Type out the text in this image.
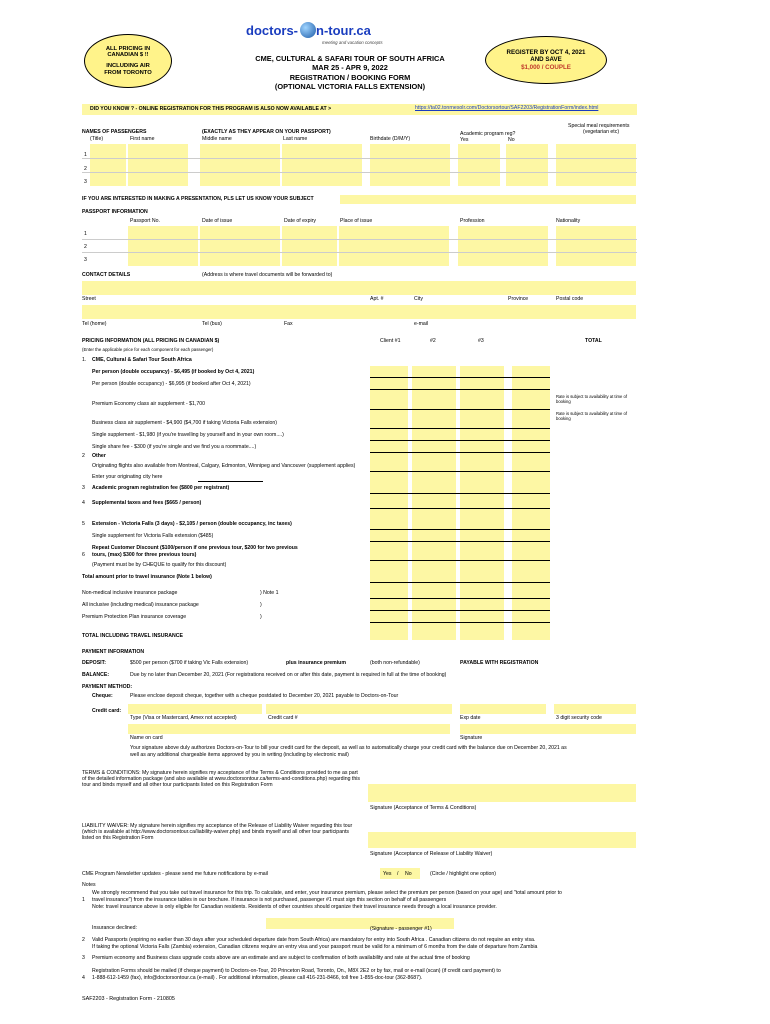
ALL PRICING IN
CANADIAN $ !!
INCLUDING AIR
FROM TORONTO
REGISTER BY OCT 4, 2021
AND SAVE
$1,000 / COUPLE
doctors- n-tour.ca
meeting and vacation concepts
CME, CULTURAL & SAFARI TOUR OF SOUTH AFRICA
MAR 25 - APR 9, 2022
REGISTRATION / BOOKING FORM
(OPTIONAL VICTORIA FALLS EXTENSION)
DID YOU KNOW ? - ONLINE REGISTRATION FOR THIS PROGRAM IS ALSO NOW AVAILABLE AT >	https://ta02.tonrnesolr.com/Doctorsortour/SAF2203/RegistrationForm/index.html
Special meal requirements
(vegetarian etc)
NAMES OF PASSENGERS	(EXACTLY AS THEY APPEAR ON YOUR PASSPORT)	Academic program reg?
(Title)	First name	Middle name	Last name	Birthdate (D/M/Y)	Yes	No
1
2
3
IF YOU ARE INTERESTED IN MAKING A PRESENTATION, PLS LET US KNOW YOUR SUBJECT
PASSPORT INFORMATION
Passport No.	Date of issue	Date of expiry	Place of issue	Profession	Nationality
1
2
3
CONTACT DETAILS	(Address is where travel documents will be forwarded to)
Street	Apt. #	City	Province	Postal code
Tel (home)	Tel (bus)	Fax	e-mail
PRICING INFORMATION (ALL PRICING IN CANADIAN $)
(Enter the applicable price for each component for each passenger)
Client #1	#2	#3	TOTAL
1. CME, Cultural & Safari Tour South Africa
Per person (double occupancy) - $6,495 (if booked by Oct 4, 2021)
Per person (double occupancy) - $6,995 (if booked after Oct 4, 2021)
Premium Economy class air supplement - $1,700
Rate is subject to availability at time of booking
Business class air supplement - $4,900 ($4,700 if taking Victoria Falls extension)
Rate is subject to availability at time of booking
Single supplement - $1,980 (if you're travelling by yourself and in your own room....)
Single share fee - $300 (if you're single and we find you a roommate....)
2 Other
Originating flights also available from Montreal, Calgary, Edmonton, Winnipeg and Vancouver (supplement applies)
Enter your originating city here
3 Academic program registration fee ($800 per registrant)
4 Supplemental taxes and fees ($665 / person)
5 Extension - Victoria Falls (3 days) - $2,105 / person (double occupancy, inc taxes)
Single supplement for Victoria Falls extension ($485)
Repeat Customer Discount ($100/person if one previous tour, $200 for two previous
6 tours, (max) $300 for three previous tours)
(Payment must be by CHEQUE to qualify for this discount)
Total amount prior to travel insurance (Note 1 below)
Non-medical inclusive insurance package	) Note 1
All inclusive (including medical) insurance package	)
Premium Protection Plan insurance coverage	)
TOTAL INCLUDING TRAVEL INSURANCE
PAYMENT INFORMATION
DEPOSIT:	$500 per person ($700 if taking Vic Falls extension)	plus insurance premium	(both non-refundable)	PAYABLE WITH REGISTRATION
BALANCE:	Due by no later than December 20, 2021 (For registrations received on or after this date, payment is required in full at the time of booking)
PAYMENT METHOD:
Cheque:	Please enclose deposit cheque, together with a cheque postdated to December 20, 2021 payable to Doctors-on-Tour
Credit card:
Type (Visa or Mastercard, Amex not accepted)	Credit card #	Exp date	3 digit security code
Name on card	Signature
Your signature above duly authorizes Doctors-on-Tour to bill your credit card for the deposit, as well as to automatically charge your credit card with the balance due on December 20, 2021 as
well as any additional chargeable items approved by you in writing (including by electronic mail)
TERMS & CONDITIONS: My signature herein signifies my acceptance of the Terms & Conditions provided to me as part of the detailed information package (and also available at www.doctorsontour.ca/terms-and-conditions.php) regarding this tour and binds myself and all other tour participants listed on this Registration Form
Signature (Acceptance of Terms & Conditions)
LIABILITY WAIVER: My signature herein signifies my acceptance of the Release of Liability Waiver regarding this tour (which is available at http://www.doctorsontour.ca/liability-waiver.php) and binds myself and all other tour participants listed on this Registration Form
Signature (Acceptance of Release of Liability Waiver)
CME Program Newsletter updates - please send me future notifications by e-mail	Yes / No	(Circle / highlight one option)
Notes
We strongly recommend that you take out travel insurance for this trip. To calculate, and enter, your insurance premium, please select the premium per person (based on your age) and "total amount prior to
1 travel insurance") from the insurance tables in our brochure. If insurance is not purchased, passenger #1 must sign this section on behalf of all passengers
Note: travel insurance above is only eligible for Canadian residents. Residents of other countries should organize their travel insurance needs through a local insurance provider.
Insurance declined:	(Signature - passenger #1)
2 Valid Passports (expiring no earlier than 30 days after your scheduled departure date from South Africa) are mandatory for entry into South Africa . Canadian citizens do not require an entry visa.
If taking the optional Victoria Falls (Zambia) extension, Canadian citizens require an entry visa and your passport must be valid for a minimum of 6 months from the date of departure from Zambia
3 Premium economy and Business class upgrade costs above are an estimate and are subject to confirmation of both availability and rate at the actual time of booking
Registration Forms should be mailed (if cheque payment) to Doctors-on-Tour, 20 Princeton Road, Toronto, On., M8X 2E2 or by fax, mail or e-mail (scan) (if credit card payment) to
4 1-888-612-1459 (fax), info@doctorsontour.ca (e-mail) . For additional information, please call 416-231-8466, toll free 1-855-doc-tour (362-8687).
SAF2203 - Registration Form - 210805
